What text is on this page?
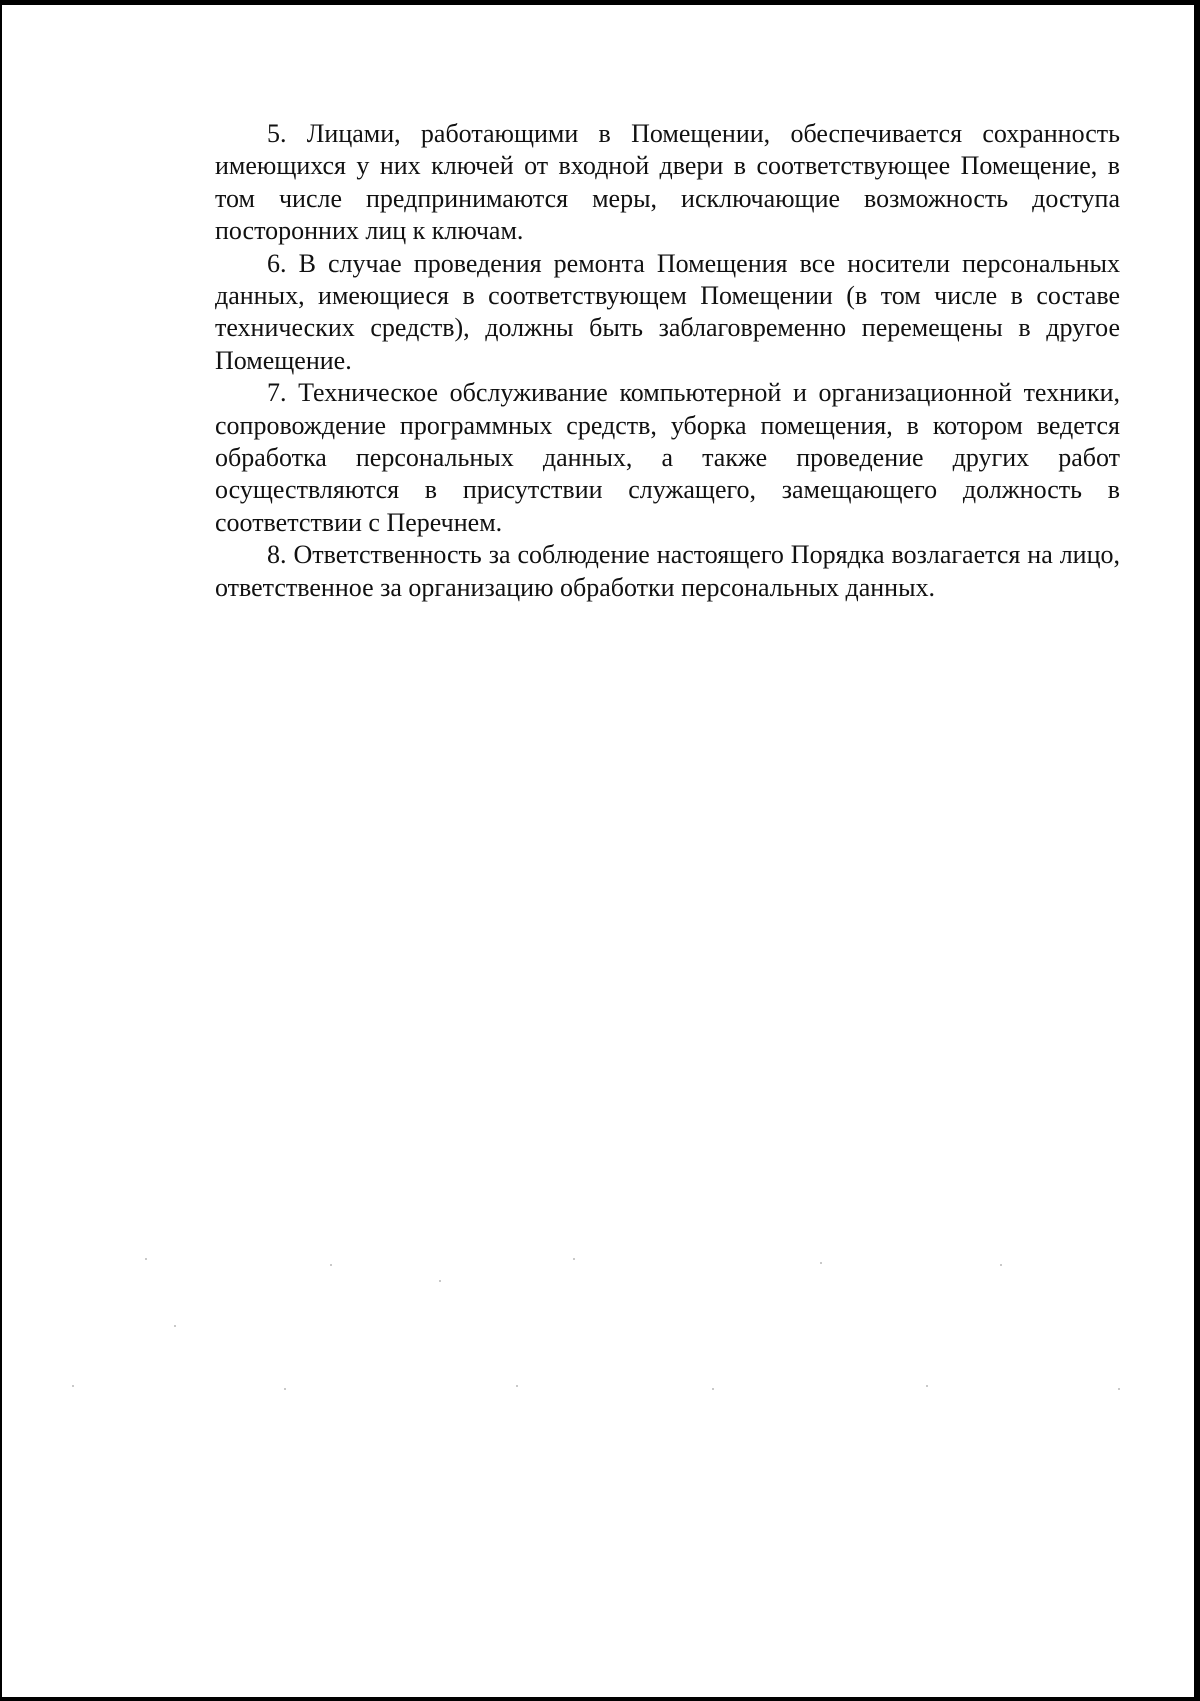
5. Лицами, работающими в Помещении, обеспечивается сохранность имеющихся у них ключей от входной двери в соответствующее Помещение, в том числе предпринимаются меры, исключающие возможность доступа посторонних лиц к ключам.

6. В случае проведения ремонта Помещения все носители персональных данных, имеющиеся в соответствующем Помещении (в том числе в составе технических средств), должны быть заблаговременно перемещены в другое Помещение.

7. Техническое обслуживание компьютерной и организационной техники, сопровождение программных средств, уборка помещения, в котором ведется обработка персональных данных, а также проведение других работ осуществляются в присутствии служащего, замещающего должность в соответствии с Перечнем.

8. Ответственность за соблюдение настоящего Порядка возлагается на лицо, ответственное за организацию обработки персональных данных.
